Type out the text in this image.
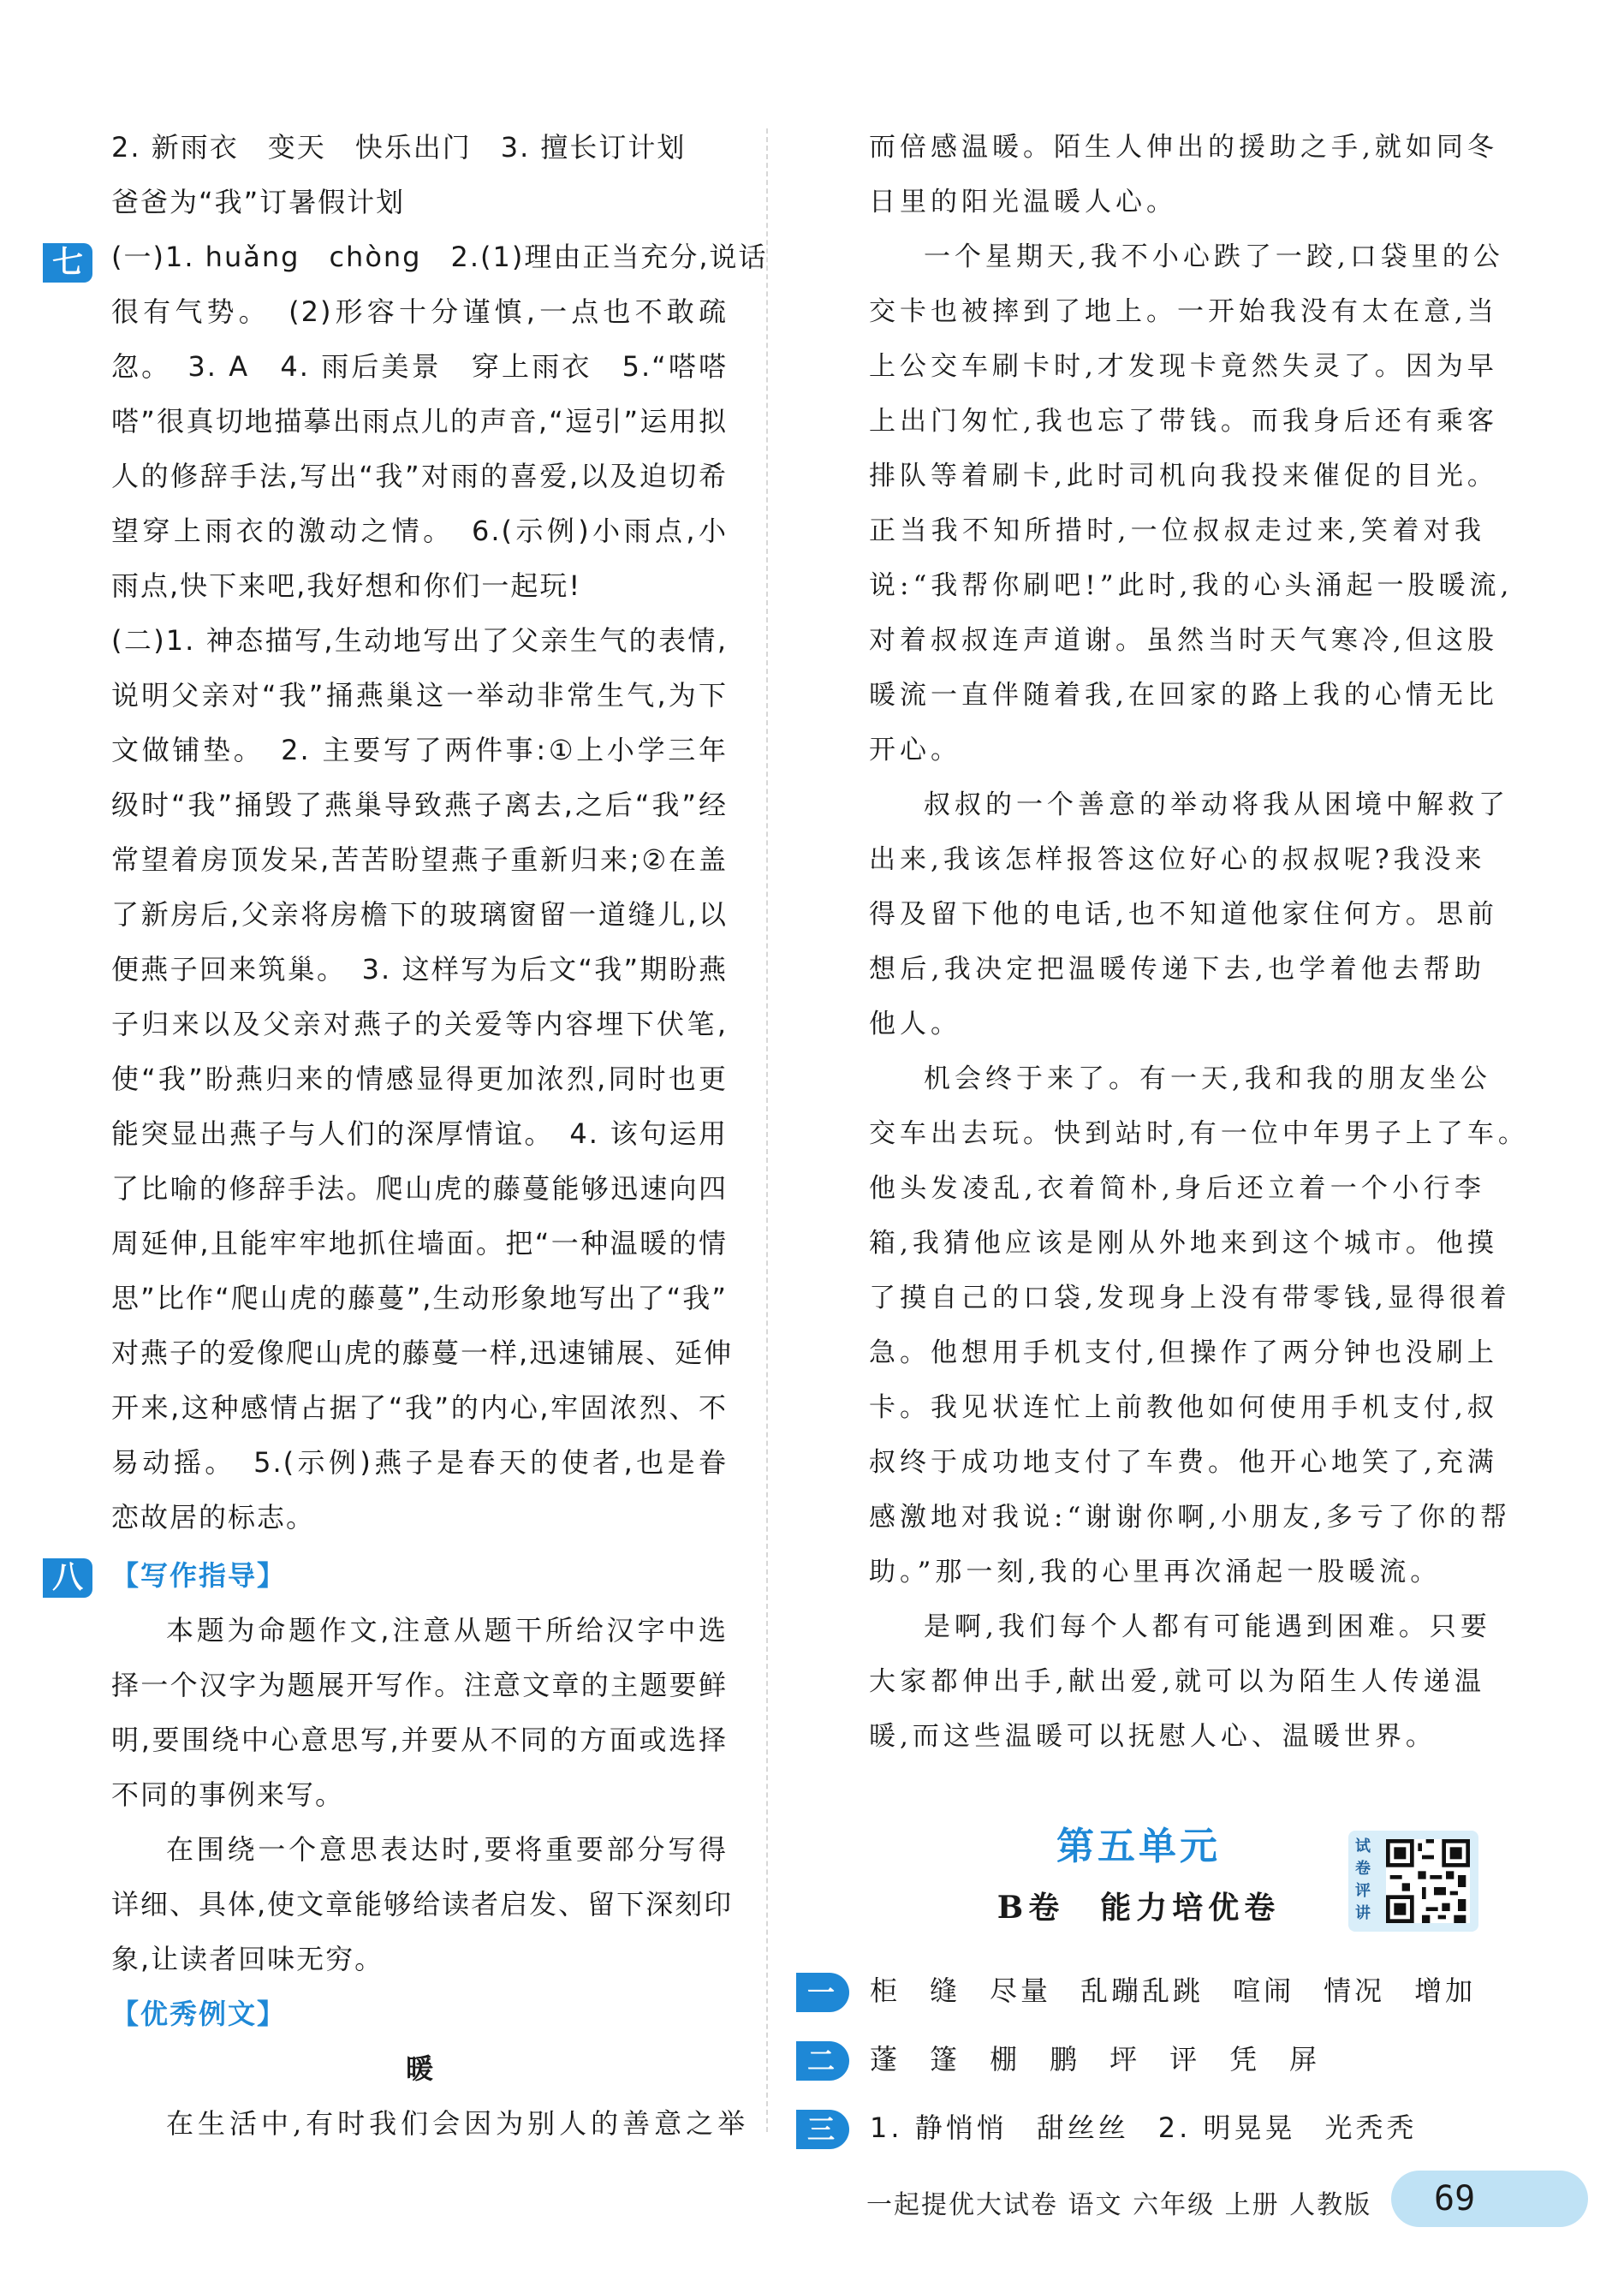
2. 新雨衣　变天　快乐出门　3. 擅长订计划
爸爸为“我”订暑假计划
(一)1. huǎng　chòng　2.(1)理由正当充分,说话
很有气势。　(2)形容十分谨慎,一点也不敢疏
忽。　3. A　4. 雨后美景　穿上雨衣　5.“嗒嗒
嗒”很真切地描摹出雨点儿的声音,“逗引”运用拟
人的修辞手法,写出“我”对雨的喜爱,以及迫切希
望穿上雨衣的激动之情。　6.(示例)小雨点,小
雨点,快下来吧,我好想和你们一起玩!
(二)1. 神态描写,生动地写出了父亲生气的表情,
说明父亲对“我”捅燕巢这一举动非常生气,为下
文做铺垫。　2. 主要写了两件事:①上小学三年
级时“我”捅毁了燕巢导致燕子离去,之后“我”经
常望着房顶发呆,苦苦盼望燕子重新归来;②在盖
了新房后,父亲将房檐下的玻璃窗留一道缝儿,以
便燕子回来筑巢。　3. 这样写为后文“我”期盼燕
子归来以及父亲对燕子的关爱等内容埋下伏笔,
使“我”盼燕归来的情感显得更加浓烈,同时也更
能突显出燕子与人们的深厚情谊。　4. 该句运用
了比喻的修辞手法。爬山虎的藤蔓能够迅速向四
周延伸,且能牢牢地抓住墙面。把“一种温暖的情
思”比作“爬山虎的藤蔓”,生动形象地写出了“我”
对燕子的爱像爬山虎的藤蔓一样,迅速铺展、延伸
开来,这种感情占据了“我”的内心,牢固浓烈、不
易动摇。　5.(示例)燕子是春天的使者,也是眷
恋故居的标志。
【写作指导】
本题为命题作文,注意从题干所给汉字中选
择一个汉字为题展开写作。注意文章的主题要鲜
明,要围绕中心意思写,并要从不同的方面或选择
不同的事例来写。
在围绕一个意思表达时,要将重要部分写得
详细、具体,使文章能够给读者启发、留下深刻印
象,让读者回味无穷。
【优秀例文】
暖
在生活中,有时我们会因为别人的善意之举
七
八
而倍感温暖。陌生人伸出的援助之手,就如同冬
日里的阳光温暖人心。
一个星期天,我不小心跌了一跤,口袋里的公
交卡也被摔到了地上。一开始我没有太在意,当
上公交车刷卡时,才发现卡竟然失灵了。因为早
上出门匆忙,我也忘了带钱。而我身后还有乘客
排队等着刷卡,此时司机向我投来催促的目光。
正当我不知所措时,一位叔叔走过来,笑着对我
说:“我帮你刷吧!”此时,我的心头涌起一股暖流,
对着叔叔连声道谢。虽然当时天气寒冷,但这股
暖流一直伴随着我,在回家的路上我的心情无比
开心。
叔叔的一个善意的举动将我从困境中解救了
出来,我该怎样报答这位好心的叔叔呢?我没来
得及留下他的电话,也不知道他家住何方。思前
想后,我决定把温暖传递下去,也学着他去帮助
他人。
机会终于来了。有一天,我和我的朋友坐公
交车出去玩。快到站时,有一位中年男子上了车。
他头发凌乱,衣着简朴,身后还立着一个小行李
箱,我猜他应该是刚从外地来到这个城市。他摸
了摸自己的口袋,发现身上没有带零钱,显得很着
急。他想用手机支付,但操作了两分钟也没刷上
卡。我见状连忙上前教他如何使用手机支付,叔
叔终于成功地支付了车费。他开心地笑了,充满
感激地对我说:“谢谢你啊,小朋友,多亏了你的帮
助。”那一刻,我的心里再次涌起一股暖流。
是啊,我们每个人都有可能遇到困难。只要
大家都伸出手,献出爱,就可以为陌生人传递温
暖,而这些温暖可以抚慰人心、温暖世界。
第五单元
B卷　能力培优卷
试卷评讲
一 柜 缝 尽量 乱蹦乱跳 喧闹 情况 增加
二 蓬 篷 棚 鹏 坪 评 凭 屏
三 1. 静悄悄 甜丝丝 2. 明晃晃 光秃秃
一起提优大试卷 语文 六年级 上册 人教版	69
